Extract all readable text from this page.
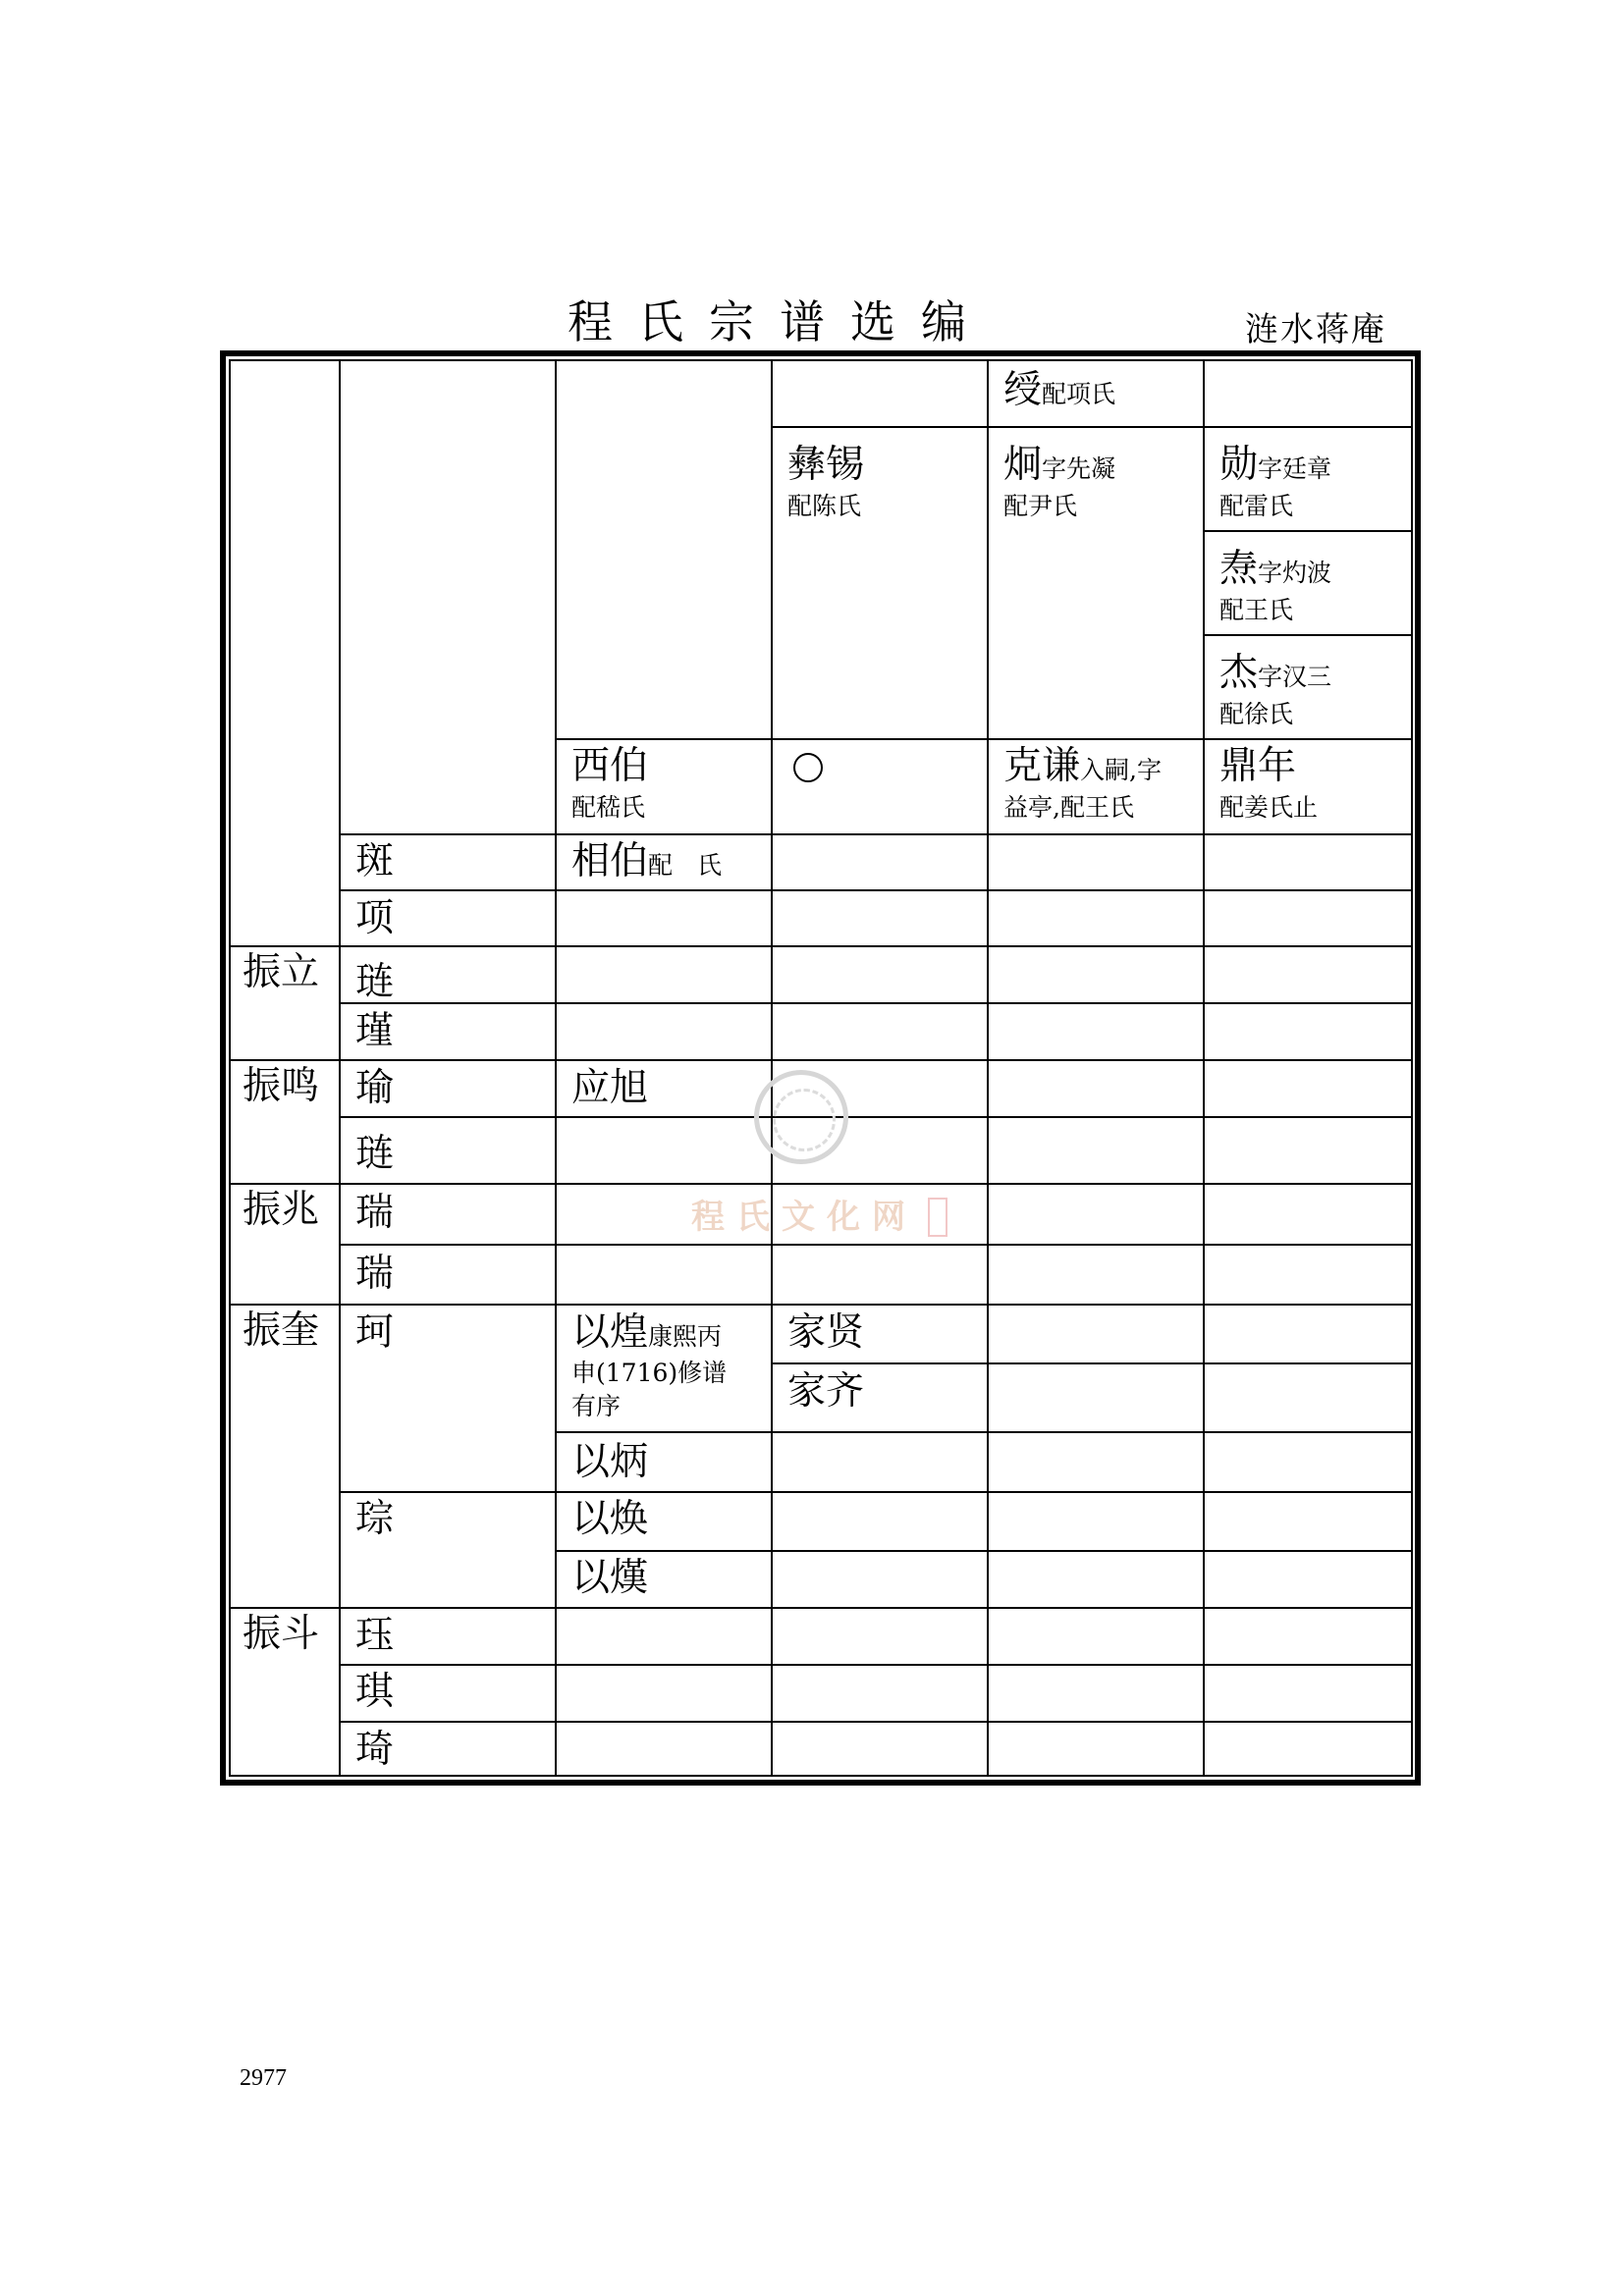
程氏宗谱选编	涟水蒋庵
振立
振鸣
振兆
振奎
振斗
斑
项
琏
瑾
瑜
琏
瑞
瑞
珂
琮
珏
琪
琦
西伯
配嵇氏
相伯配　氏
应旭
以煌康熙丙
申(1716)修谱
有序
以炳
以焕
以熯
彝锡
配陈氏
家贤
家齐
绶配项氏
炯字先凝
配尹氏
克谦入嗣,字
益亭,配王氏
勋字廷章
配雷氏
焘字灼波
配王氏
杰字汉三
配徐氏
鼎年
配姜氏止
程氏文化网
2977
